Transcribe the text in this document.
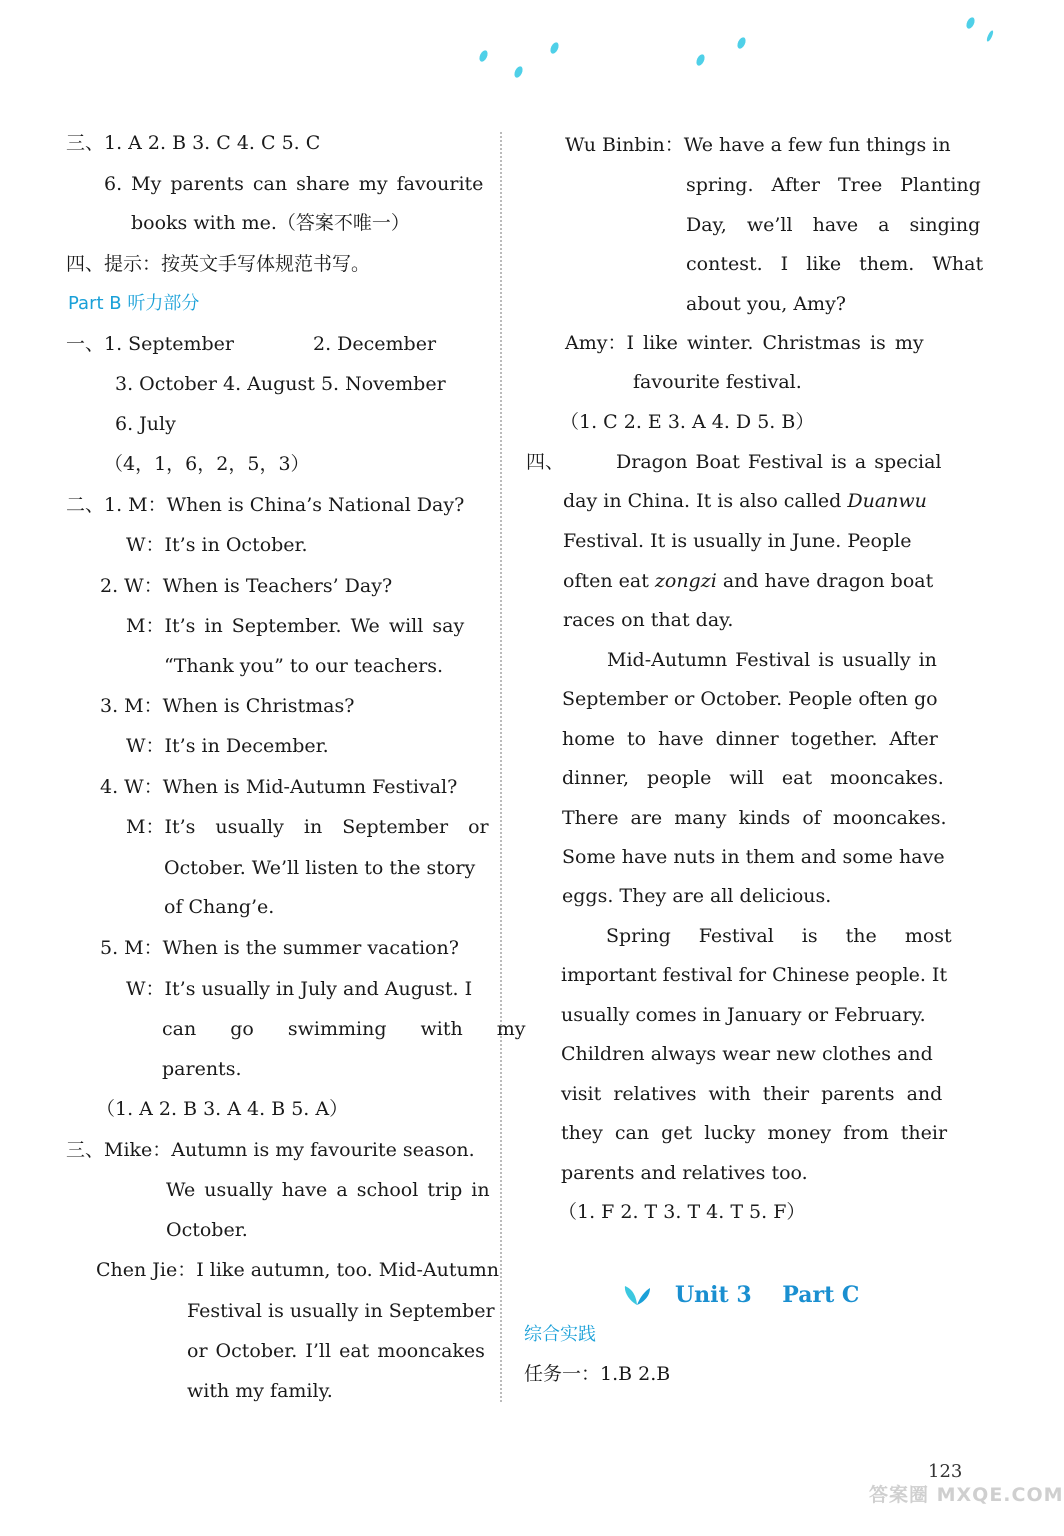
三、1. A 2. B 3. C 4. C 5. C
6. My parents can share my favourite
books with me.（答案不唯一）
四、提示：按英文手写体规范书写。
Part B 听力部分
一、1. September	2. December
3. October 4. August 5. November
6. July
（4，1，6，2，5，3）
二、1. M：When is China’s National Day?
W：It’s in October.
2. W：When is Teachers’ Day?
M：It’s in September. We will say
“Thank you” to our teachers.
3. M：When is Christmas?
W：It’s in December.
4. W：When is Mid-Autumn Festival?
M：It’s usually in September or
October. We’ll listen to the story
of Chang’e.
5. M：When is the summer vacation?
W：It’s usually in July and August. I
can go swimming with my
parents.
（1. A 2. B 3. A 4. B 5. A）
三、Mike：Autumn is my favourite season.
We usually have a school trip in
October.
Chen Jie：I like autumn, too. Mid-Autumn
Festival is usually in September
or October. I’ll eat mooncakes
with my family.
Wu Binbin：We have a few fun things in
spring. After Tree Planting
Day, we’ll have a singing
contest. I like them. What
about you, Amy?
Amy：I like winter. Christmas is my
favourite festival.
（1. C 2. E 3. A 4. D 5. B）
四、	Dragon Boat Festival is a special
day in China. It is also called Duanwu
Festival. It is usually in June. People
often eat zongzi and have dragon boat
races on that day.
Mid-Autumn Festival is usually in
September or October. People often go
home to have dinner together. After
dinner, people will eat mooncakes.
There are many kinds of mooncakes.
Some have nuts in them and some have
eggs. They are all delicious.
Spring Festival is the most
important festival for Chinese people. It
usually comes in January or February.
Children always wear new clothes and
visit relatives with their parents and
they can get lucky money from their
parents and relatives too.
（1. F 2. T 3. T 4. T 5. F）
Unit 3    Part C
综合实践
任务一：1.B 2.B
123
答案圈 MXQE.COM
